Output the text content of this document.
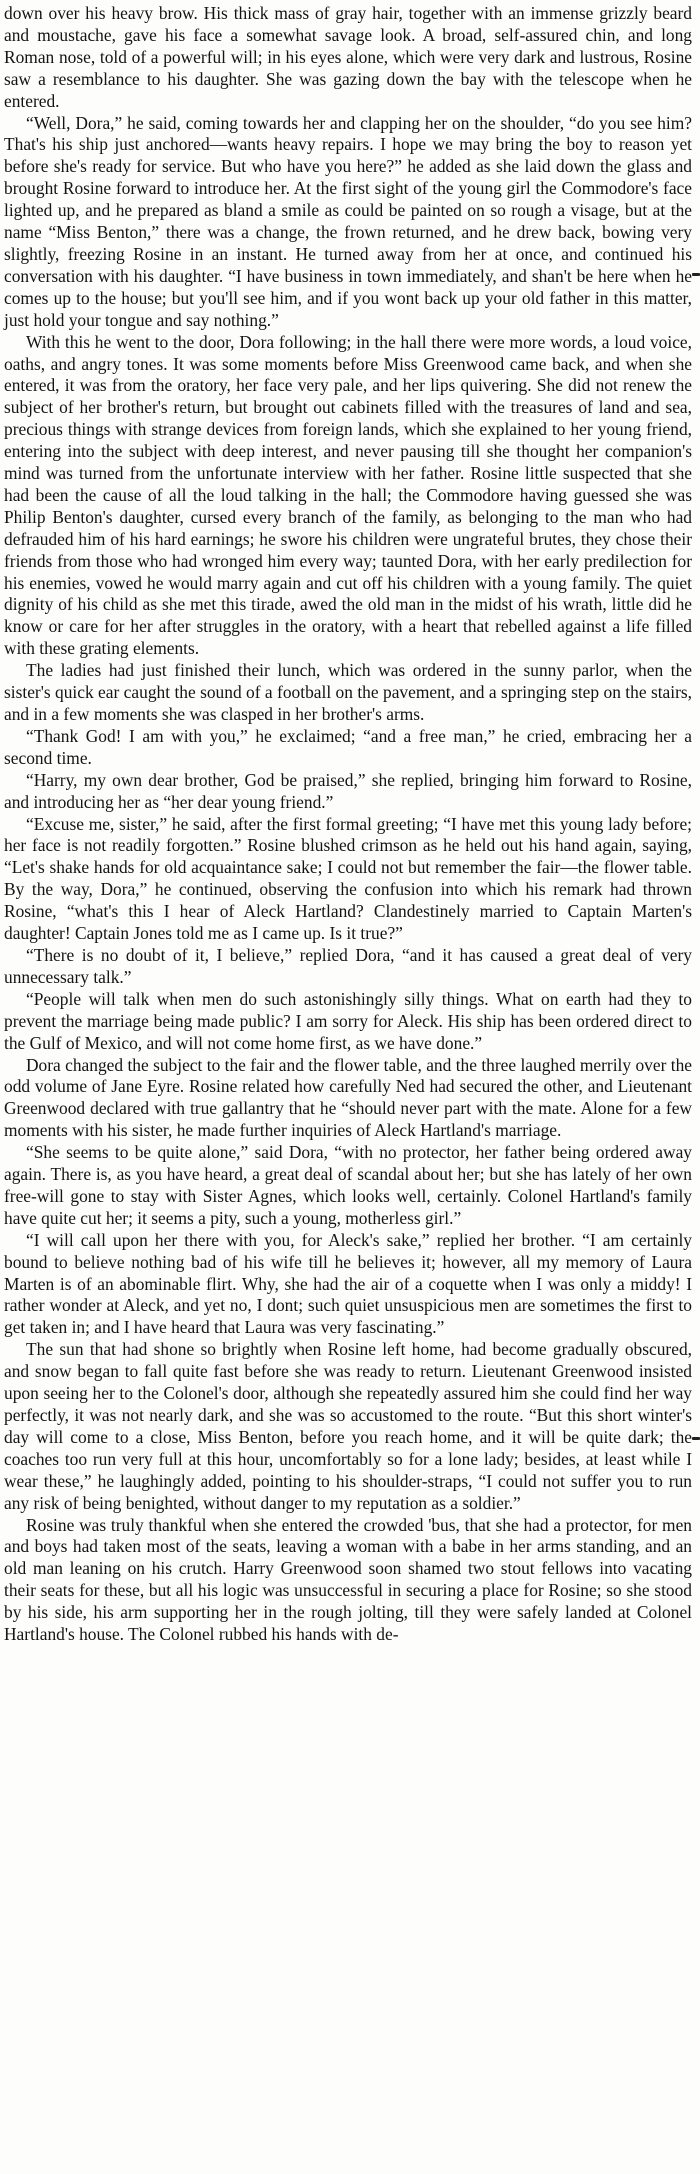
down over his heavy brow. His thick mass of gray hair, together with an immense grizzly beard and moustache, gave his face a somewhat savage look. A broad, self-assured chin, and long Roman nose, told of a powerful will; in his eyes alone, which were very dark and lustrous, Rosine saw a resemblance to his daughter. She was gazing down the bay with the telescope when he entered.

“Well, Dora,” he said, coming towards her and clapping her on the shoulder, “do you see him? That's his ship just anchored—wants heavy repairs. I hope we may bring the boy to reason yet before she's ready for service. But who have you here?” he added as she laid down the glass and brought Rosine forward to introduce her. At the first sight of the young girl the Commodore's face lighted up, and he prepared as bland a smile as could be painted on so rough a visage, but at the name “Miss Benton,” there was a change, the frown returned, and he drew back, bowing very slightly, freezing Rosine in an instant. He turned away from her at once, and continued his conversation with his daughter. “I have business in town immediately, and shan't be here when he comes up to the house; but you'll see him, and if you wont back up your old father in this matter, just hold your tongue and say nothing.”

With this he went to the door, Dora following; in the hall there were more words, a loud voice, oaths, and angry tones. It was some moments before Miss Greenwood came back, and when she entered, it was from the oratory, her face very pale, and her lips quivering. She did not renew the subject of her brother's return, but brought out cabinets filled with the treasures of land and sea, precious things with strange devices from foreign lands, which she explained to her young friend, entering into the subject with deep interest, and never pausing till she thought her companion's mind was turned from the unfortunate interview with her father. Rosine little suspected that she had been the cause of all the loud talking in the hall; the Commodore having guessed she was Philip Benton's daughter, cursed every branch of the family, as belonging to the man who had defrauded him of his hard earnings; he swore his children were ungrateful brutes, they chose their friends from those who had wronged him every way; taunted Dora, with her early predilection for his enemies, vowed he would marry again and cut off his children with a young family. The quiet dignity of his child as she met this tirade, awed the old man in the midst of his wrath, little did he know or care for her after struggles in the oratory, with a heart that rebelled against a life filled with these grating elements.

The ladies had just finished their lunch, which was ordered in the sunny parlor, when the sister's quick ear caught the sound of a football on the pavement, and a springing step on the stairs, and in a few moments she was clasped in her brother's arms.

“Thank God! I am with you,” he exclaimed; “and a free man,” he cried, embracing her a second time.

“Harry, my own dear brother, God be praised,” she replied, bringing him forward to Rosine, and introducing her as “her dear young friend.”

“Excuse me, sister,” he said, after the first formal greeting; “I have met this young lady before; her face is not readily forgotten.” Rosine blushed crimson as he held out his hand again, saying, “Let's shake hands for old acquaintance sake; I could not but remember the fair—the flower table. By the way, Dora,” he continued, observing the confusion into which his remark had thrown Rosine, “what's this I hear of Aleck Hartland? Clandestinely married to Captain Marten's daughter! Captain Jones told me as I came up. Is it true?”

“There is no doubt of it, I believe,” replied Dora, “and it has caused a great deal of very unnecessary talk.”

“People will talk when men do such astonishingly silly things. What on earth had they to prevent the marriage being made public? I am sorry for Aleck. His ship has been ordered direct to the Gulf of Mexico, and will not come home first, as we have done.”

Dora changed the subject to the fair and the flower table, and the three laughed merrily over the odd volume of Jane Eyre. Rosine related how carefully Ned had secured the other, and Lieutenant Greenwood declared with true gallantry that he “should never part with the mate. Alone for a few moments with his sister, he made further inquiries of Aleck Hartland's marriage.

“She seems to be quite alone,” said Dora, “with no protector, her father being ordered away again. There is, as you have heard, a great deal of scandal about her; but she has lately of her own free-will gone to stay with Sister Agnes, which looks well, certainly. Colonel Hartland's family have quite cut her; it seems a pity, such a young, motherless girl.”

“I will call upon her there with you, for Aleck's sake,” replied her brother. “I am certainly bound to believe nothing bad of his wife till he believes it; however, all my memory of Laura Marten is of an abominable flirt. Why, she had the air of a coquette when I was only a middy! I rather wonder at Aleck, and yet no, I dont; such quiet unsuspicious men are sometimes the first to get taken in; and I have heard that Laura was very fascinating.”

The sun that had shone so brightly when Rosine left home, had become gradually obscured, and snow began to fall quite fast before she was ready to return. Lieutenant Greenwood insisted upon seeing her to the Colonel's door, although she repeatedly assured him she could find her way perfectly, it was not nearly dark, and she was so accustomed to the route. “But this short winter's day will come to a close, Miss Benton, before you reach home, and it will be quite dark; the coaches too run very full at this hour, uncomfortably so for a lone lady; besides, at least while I wear these,” he laughingly added, pointing to his shoulder-straps, “I could not suffer you to run any risk of being benighted, without danger to my reputation as a soldier.”

Rosine was truly thankful when she entered the crowded 'bus, that she had a protector, for men and boys had taken most of the seats, leaving a woman with a babe in her arms standing, and an old man leaning on his crutch. Harry Greenwood soon shamed two stout fellows into vacating their seats for these, but all his logic was unsuccessful in securing a place for Rosine; so she stood by his side, his arm supporting her in the rough jolting, till they were safely landed at Colonel Hartland's house. The Colonel rubbed his hands with de-
